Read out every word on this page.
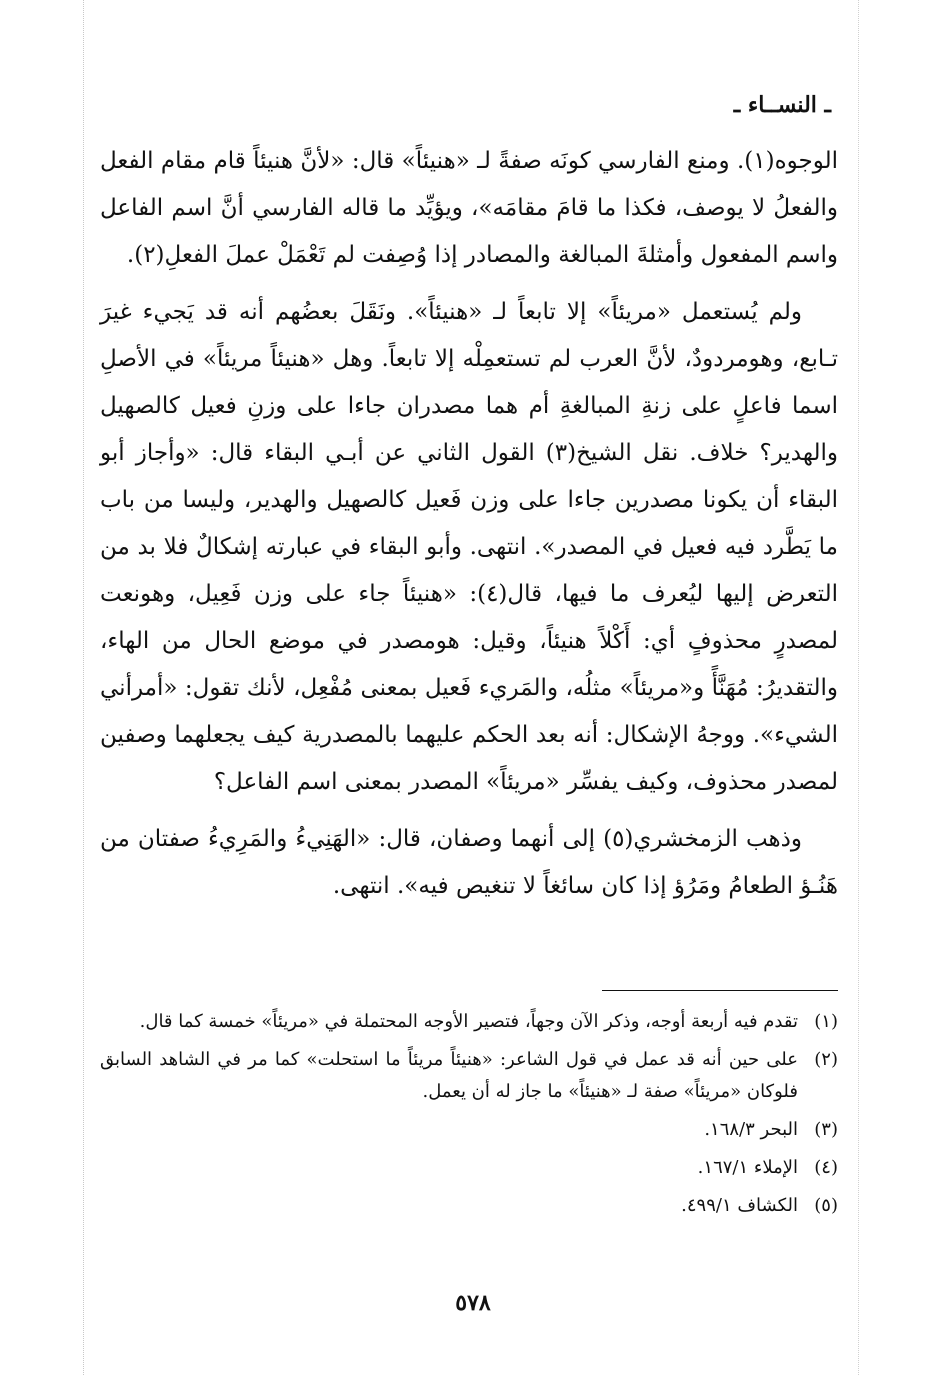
ـ النســاء ـ

الوجوه(١). ومنع الفارسي كونَه صفةً لـ «هنيئاً» قال: «لأنَّ هنيئاً قام مقام الفعل والفعلُ لا يوصف، فكذا ما قامَ مقامَه»، ويؤيِّد ما قاله الفارسي أنَّ اسم الفاعل واسم المفعول وأمثلةَ المبالغة والمصادر إذا وُصِفت لم تَعْمَلْ عملَ الفعلِ(٢).

ولم يُستعمل «مريئاً» إلا تابعاً لـ «هنيئاً». ونَقَلَ بعضُهم أنه قد يَجيء غيرَ تـابع، وهومردودٌ، لأنَّ العرب لم تستعمِلْه إلا تابعاً. وهل «هنيئاً مريئاً» في الأصلِ اسما فاعلٍ على زنةِ المبالغةِ أم هما مصدران جاءا على وزنِ فعيل كالصهيل والهدير؟ خلاف. نقل الشيخ(٣) القول الثاني عن أبـي البقاء قال: «وأجاز أبو البقاء أن يكونا مصدرين جاءا على وزن فَعيل كالصهيل والهدير، وليسا من باب ما يَطَّرد فيه فعيل في المصدر». انتهى. وأبو البقاء في عبارته إشكالٌ فلا بد من التعرض إليها ليُعرف ما فيها، قال(٤): «هنيئاً جاء على وزن فَعِيل، وهونعت لمصدرٍ محذوفٍ أي: أَكْلاً هنيئاً، وقيل: هومصدر في موضع الحال من الهاء، والتقديرُ: مُهَنَّأً و«مريئاً» مثلُه، والمَريء فَعيل بمعنى مُفْعِل، لأنك تقول: «أمرأني الشيء». ووجهُ الإشكال: أنه بعد الحكم عليهما بالمصدرية كيف يجعلهما وصفين لمصدر محذوف، وكيف يفسِّر «مريئاً» المصدر بمعنى اسم الفاعل؟

وذهب الزمخشري(٥) إلى أنهما وصفان، قال: «الهَنِيءُ والمَرِيءُ صفتان من هَنُـؤ الطعامُ ومَرُؤ إذا كان سائغاً لا تنغيص فيه». انتهى.

(١)
تقدم فيه أربعة أوجه، وذكر الآن وجهاً، فتصير الأوجه المحتملة في «مريئاً» خمسة كما قال.
(٢)
على حين أنه قد عمل في قول الشاعر: «هنيئاً مريئاً ما استحلت» كما مر في الشاهد السابق فلوكان «مريئاً» صفة لـ «هنيئاً» ما جاز له أن يعمل.
(٣)
البحر ١٦٨/٣.
(٤)
الإملاء ١٦٧/١.
(٥)
الكشاف ٤٩٩/١.
٥٧٨
